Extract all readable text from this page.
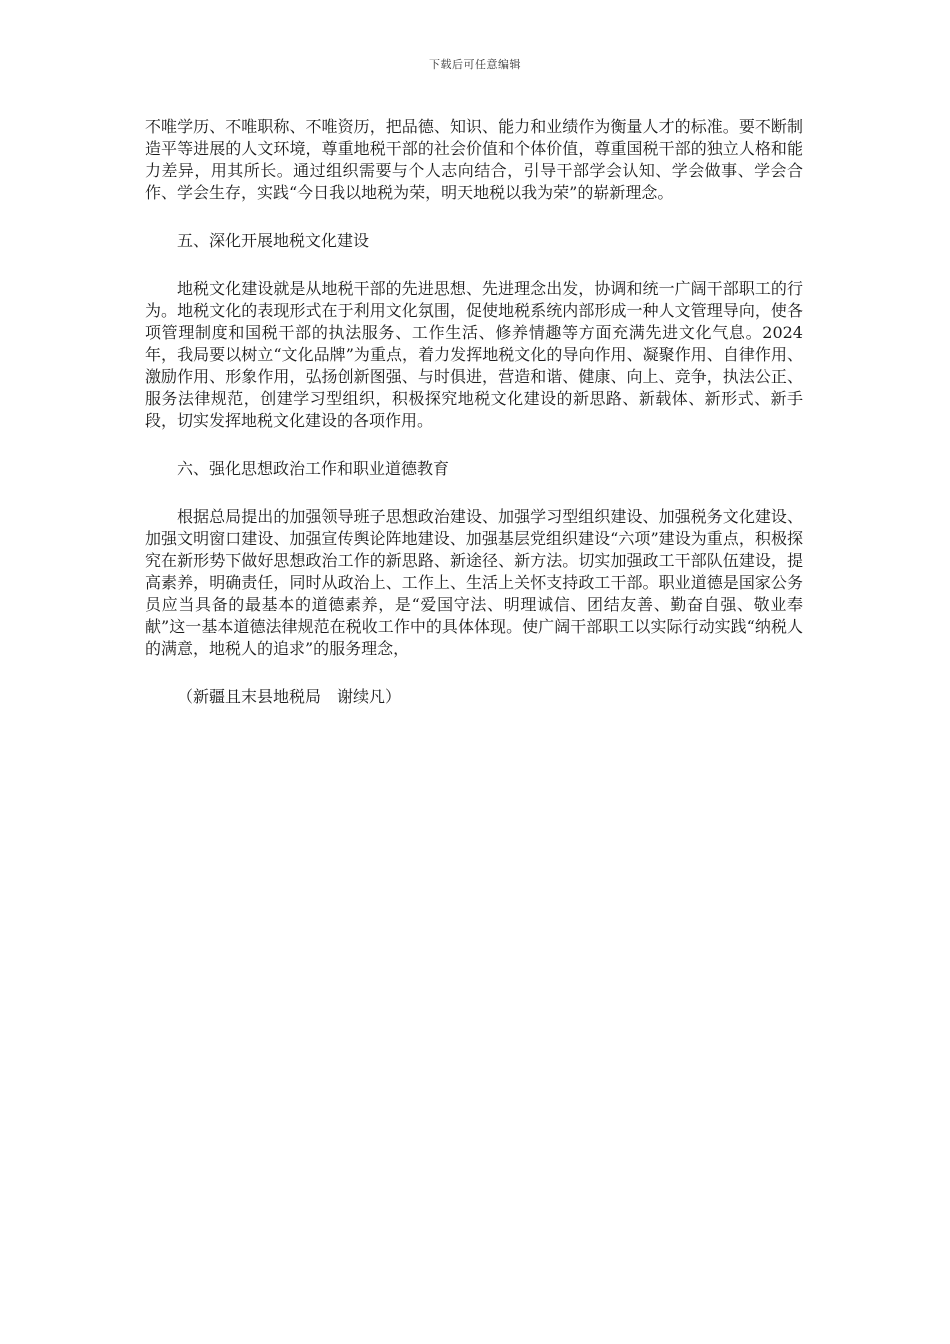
下载后可任意编辑

不唯学历、不唯职称、不唯资历，把品德、知识、能力和业绩作为衡量人才的标准。要不断制造平等进展的人文环境，尊重地税干部的社会价值和个体价值，尊重国税干部的独立人格和能力差异，用其所长。通过组织需要与个人志向结合，引导干部学会认知、学会做事、学会合作、学会生存，实践“今日我以地税为荣，明天地税以我为荣”的崭新理念。

五、深化开展地税文化建设

地税文化建设就是从地税干部的先进思想、先进理念出发，协调和统一广阔干部职工的行为。地税文化的表现形式在于利用文化氛围，促使地税系统内部形成一种人文管理导向，使各项管理制度和国税干部的执法服务、工作生活、修养情趣等方面充满先进文化气息。2024年，我局要以树立“文化品牌”为重点，着力发挥地税文化的导向作用、凝聚作用、自律作用、激励作用、形象作用，弘扬创新图强、与时俱进，营造和谐、健康、向上、竞争，执法公正、服务法律规范，创建学习型组织，积极探究地税文化建设的新思路、新载体、新形式、新手段，切实发挥地税文化建设的各项作用。

六、强化思想政治工作和职业道德教育

根据总局提出的加强领导班子思想政治建设、加强学习型组织建设、加强税务文化建设、加强文明窗口建设、加强宣传舆论阵地建设、加强基层党组织建设“六项”建设为重点，积极探究在新形势下做好思想政治工作的新思路、新途径、新方法。切实加强政工干部队伍建设，提高素养，明确责任，同时从政治上、工作上、生活上关怀支持政工干部。职业道德是国家公务员应当具备的最基本的道德素养，是“爱国守法、明理诚信、团结友善、勤奋自强、敬业奉献”这一基本道德法律规范在税收工作中的具体体现。使广阔干部职工以实际行动实践“纳税人的满意，地税人的追求”的服务理念，

（新疆且末县地税局　谢续凡）
